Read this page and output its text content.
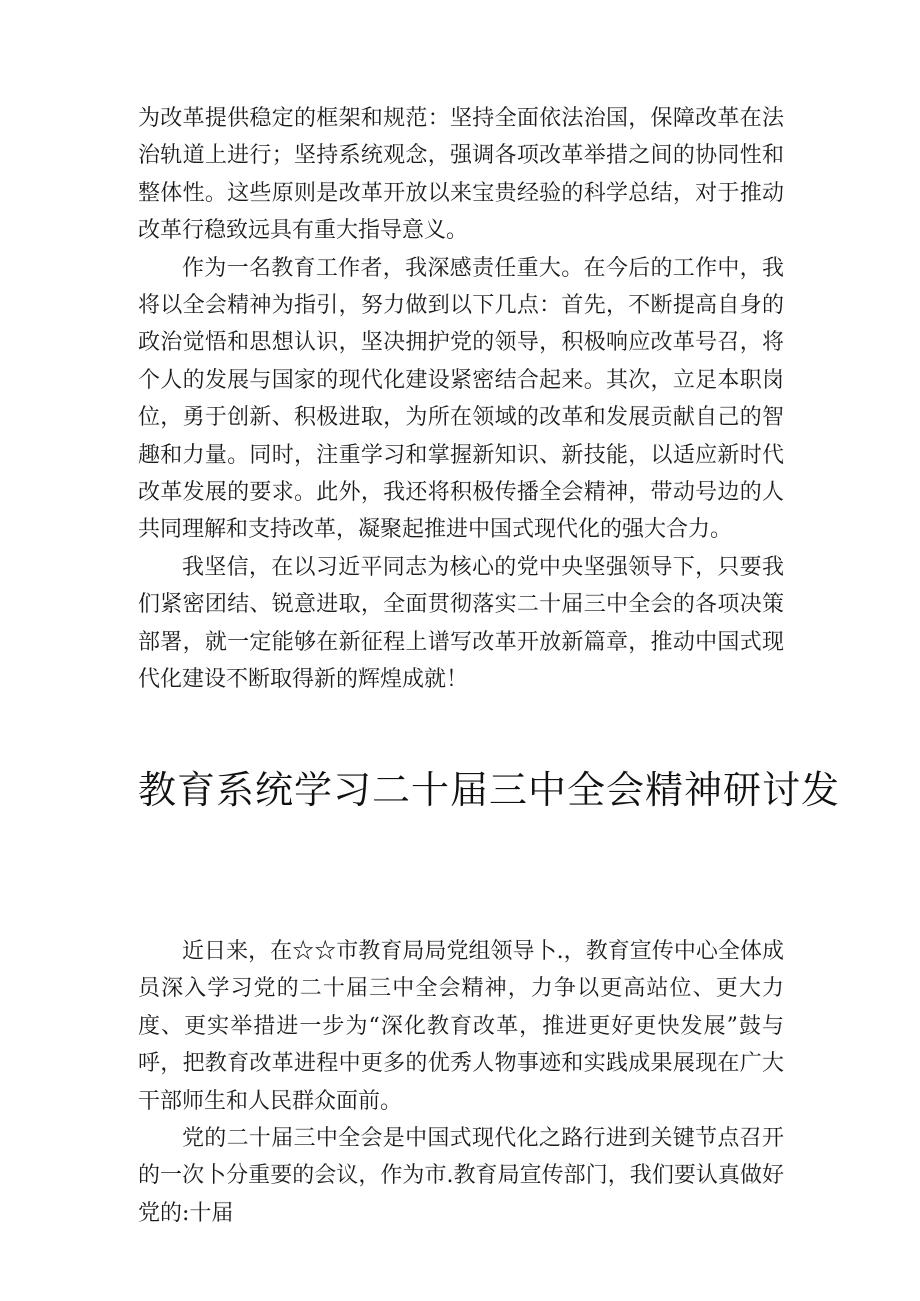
为改革提供稳定的框架和规范：坚持全面依法治国，保障改革在法治轨道上进行；坚持系统观念，强调各项改革举措之间的协同性和整体性。这些原则是改革开放以来宝贵经验的科学总结，对于推动改革行稳致远具有重大指导意义。

作为一名教育工作者，我深感责任重大。在今后的工作中，我将以全会精神为指引，努力做到以下几点：首先，不断提高自身的政治觉悟和思想认识，坚决拥护党的领导，积极响应改革号召，将个人的发展与国家的现代化建设紧密结合起来。其次，立足本职岗位，勇于创新、积极进取，为所在领域的改革和发展贡献自己的智趣和力量。同时，注重学习和掌握新知识、新技能，以适应新时代改革发展的要求。此外，我还将积极传播全会精神，带动号边的人共同理解和支持改革，凝聚起推进中国式现代化的强大合力。

我坚信，在以习近平同志为核心的党中央坚强领导下，只要我们紧密团结、锐意进取，全面贯彻落实二十届三中全会的各项决策部署，就一定能够在新征程上谱写改革开放新篇章，推动中国式现代化建设不断取得新的辉煌成就！

教育系统学习二十届三中全会精神研讨发

近日来，在☆☆市教育局局党组领导卜.，教育宣传中心全体成员深入学习党的二十届三中全会精神，力争以更高站位、更大力度、更实举措进一步为“深化教育改革，推进更好更快发展”鼓与呼，把教育改革进程中更多的优秀人物事迹和实践成果展现在广大干部师生和人民群众面前。

党的二十届三中全会是中国式现代化之路行进到关键节点召开的一次卜分重要的会议，作为市.教育局宣传部门，我们要认真做好党的:十届
